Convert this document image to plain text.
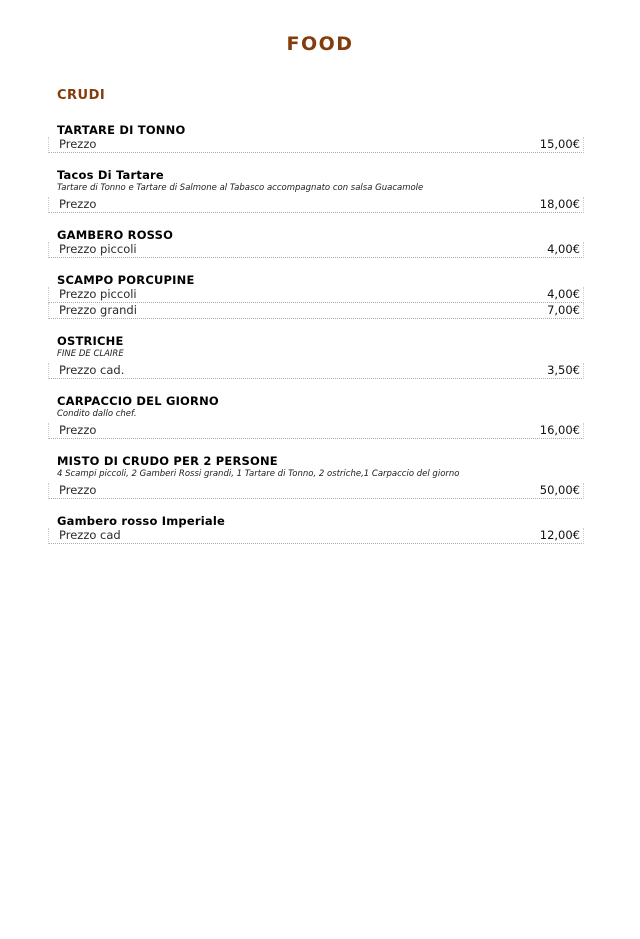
FOOD
CRUDI
TARTARE DI TONNO
Prezzo	15,00€
Tacos Di Tartare

Tartare di Tonno e Tartare di Salmone al Tabasco accompagnato con salsa Guacamole

Prezzo	18,00€
GAMBERO ROSSO
Prezzo piccoli	4,00€
SCAMPO PORCUPINE
Prezzo piccoli	4,00€
Prezzo grandi	7,00€
OSTRICHE

FINE DE CLAIRE

Prezzo cad.	3,50€
CARPACCIO DEL GIORNO

Condito dallo chef.

Prezzo	16,00€
MISTO DI CRUDO PER 2 PERSONE

4 Scampi piccoli, 2 Gamberi Rossi grandi, 1 Tartare di Tonno, 2 ostriche,1 Carpaccio del giorno

Prezzo	50,00€
Gambero rosso Imperiale
Prezzo cad	12,00€
